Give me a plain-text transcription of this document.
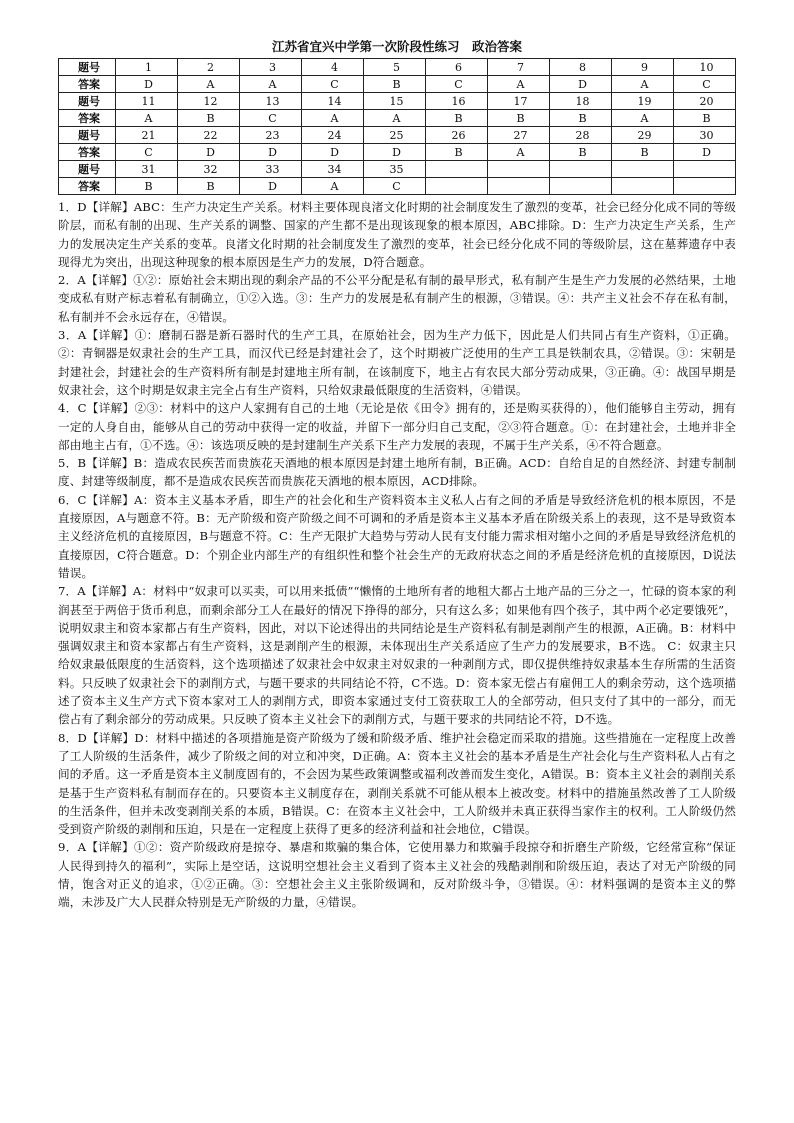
江苏省宜兴中学第一次阶段性练习　政治答案
题号	1	2	3	4	5	6	7	8	9	10
答案	D	A	A	C	B	C	A	D	A	C
题号	11	12	13	14	15	16	17	18	19	20
答案	A	B	C	A	A	B	B	B	A	B
题号	21	22	23	24	25	26	27	28	29	30
答案	C	D	D	D	D	B	A	B	B	D
题号	31	32	33	34	35					
答案	B	B	D	A	C					

1．D【详解】ABC：生产力决定生产关系。材料主要体现良渚文化时期的社会制度发生了激烈的变革，社会已经分化成不同的等级阶层，而私有制的出现、生产关系的调整、国家的产生都不是出现该现象的根本原因，ABC排除。D：生产力决定生产关系，生产力的发展决定生产关系的变革。良渚文化时期的社会制度发生了激烈的变革，社会已经分化成不同的等级阶层，这在墓葬遗存中表现得尤为突出，出现这种现象的根本原因是生产力的发展，D符合题意。

2．A【详解】①②：原始社会末期出现的剩余产品的不公平分配是私有制的最早形式，私有制产生是生产力发展的必然结果，土地变成私有财产标志着私有制确立，①②入选。③：生产力的发展是私有制产生的根源，③错误。④：共产主义社会不存在私有制，私有制并不会永远存在，④错误。

3．A【详解】①：磨制石器是新石器时代的生产工具，在原始社会，因为生产力低下，因此是人们共同占有生产资料，①正确。②：青铜器是奴隶社会的生产工具，而汉代已经是封建社会了，这个时期被广泛使用的生产工具是铁制农具，②错误。③：宋朝是封建社会，封建社会的生产资料所有制是封建地主所有制，在该制度下，地主占有农民大部分劳动成果，③正确。④：战国早期是奴隶社会，这个时期是奴隶主完全占有生产资料，只给奴隶最低限度的生活资料，④错误。

4．C【详解】②③：材料中的这户人家拥有自己的土地（无论是依《田令》拥有的，还是购买获得的），他们能够自主劳动，拥有一定的人身自由，能够从自己的劳动中获得一定的收益，并留下一部分归自己支配，②③符合题意。①：在封建社会，土地并非全部由地主占有，①不选。④：该选项反映的是封建制生产关系下生产力发展的表现，不属于生产关系，④不符合题意。

5．B【详解】B：造成农民疾苦而贵族花天酒地的根本原因是封建土地所有制，B正确。ACD：自给自足的自然经济、封建专制制度、封建等级制度，都不是造成农民疾苦而贵族花天酒地的根本原因，ACD排除。

6．C【详解】A：资本主义基本矛盾，即生产的社会化和生产资料资本主义私人占有之间的矛盾是导致经济危机的根本原因，不是直接原因，A与题意不符。B：无产阶级和资产阶级之间不可调和的矛盾是资本主义基本矛盾在阶级关系上的表现，这不是导致资本主义经济危机的直接原因，B与题意不符。C：生产无限扩大趋势与劳动人民有支付能力需求相对缩小之间的矛盾是导致经济危机的直接原因，C符合题意。D：个别企业内部生产的有组织性和整个社会生产的无政府状态之间的矛盾是经济危机的直接原因，D说法错误。

7．A【详解】A：材料中“奴隶可以买卖，可以用来抵债”“懒惰的土地所有者的地租大都占土地产品的三分之一，忙碌的资本家的利润甚至于两倍于货币利息，而剩余部分工人在最好的情况下挣得的部分，只有这么多；如果他有四个孩子，其中两个必定要饿死”，说明奴隶主和资本家都占有生产资料，因此，对以下论述得出的共同结论是生产资料私有制是剥削产生的根源，A正确。B：材料中强调奴隶主和资本家都占有生产资料，这是剥削产生的根源，未体现出生产关系适应了生产力的发展要求，B不选。 C：奴隶主只给奴隶最低限度的生活资料，这个选项描述了奴隶社会中奴隶主对奴隶的一种剥削方式，即仅提供维持奴隶基本生存所需的生活资料。只反映了奴隶社会下的剥削方式，与题干要求的共同结论不符，C不选。D：资本家无偿占有雇佣工人的剩余劳动，这个选项描述了资本主义生产方式下资本家对工人的剥削方式，即资本家通过支付工资获取工人的全部劳动，但只支付了其中的一部分，而无偿占有了剩余部分的劳动成果。只反映了资本主义社会下的剥削方式，与题干要求的共同结论不符，D不选。

8．D【详解】D：材料中描述的各项措施是资产阶级为了缓和阶级矛盾、维护社会稳定而采取的措施。这些措施在一定程度上改善了工人阶级的生活条件，减少了阶级之间的对立和冲突，D正确。A：资本主义社会的基本矛盾是生产社会化与生产资料私人占有之间的矛盾。这一矛盾是资本主义制度固有的，不会因为某些政策调整或福利改善而发生变化，A错误。B：资本主义社会的剥削关系是基于生产资料私有制而存在的。只要资本主义制度存在，剥削关系就不可能从根本上被改变。材料中的措施虽然改善了工人阶级的生活条件，但并未改变剥削关系的本质，B错误。C：在资本主义社会中，工人阶级并未真正获得当家作主的权利。工人阶级仍然受到资产阶级的剥削和压迫，只是在一定程度上获得了更多的经济利益和社会地位，C错误。

9．A【详解】①②：资产阶级政府是掠夺、暴虐和欺骗的集合体，它使用暴力和欺骗手段掠夺和折磨生产阶级，它经常宣称“保证人民得到持久的福利”，实际上是空话，这说明空想社会主义看到了资本主义社会的残酷剥削和阶级压迫，表达了对无产阶级的同情，饱含对正义的追求，①②正确。③：空想社会主义主张阶级调和，反对阶级斗争，③错误。④：材料强调的是资本主义的弊端，未涉及广大人民群众特别是无产阶级的力量，④错误。
